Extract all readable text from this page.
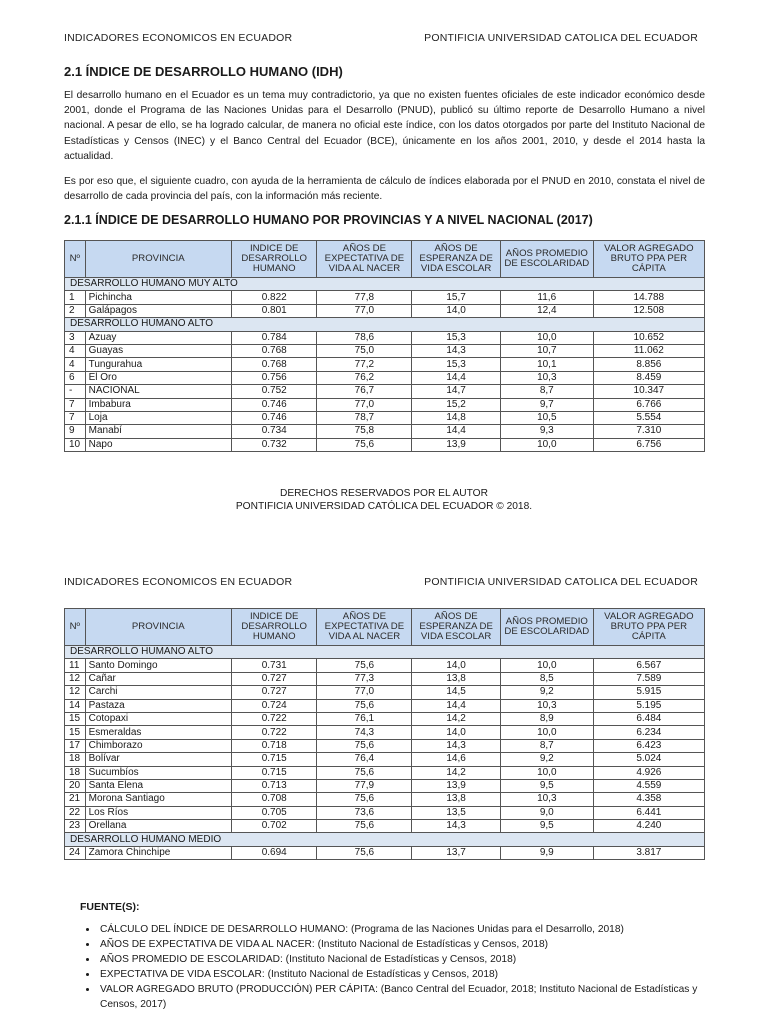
INDICADORES ECONOMICOS EN ECUADOR	PONTIFICIA UNIVERSIDAD CATOLICA DEL ECUADOR
2.1 ÍNDICE DE DESARROLLO HUMANO (IDH)

El desarrollo humano en el Ecuador es un tema muy contradictorio, ya que no existen fuentes oficiales de este indicador económico desde 2001, donde el Programa de las Naciones Unidas para el Desarrollo (PNUD), publicó su último reporte de Desarrollo Humano a nivel nacional. A pesar de ello, se ha logrado calcular, de manera no oficial este índice, con los datos otorgados por parte del Instituto Nacional de Estadísticas y Censos (INEC) y el Banco Central del Ecuador (BCE), únicamente en los años 2001, 2010, y desde el 2014 hasta la actualidad.

Es por eso que, el siguiente cuadro, con ayuda de la herramienta de cálculo de índices elaborada por el PNUD en 2010, constata el nivel de desarrollo de cada provincia del país, con la información más reciente.

2.1.1 ÍNDICE DE DESARROLLO HUMANO POR PROVINCIAS Y A NIVEL NACIONAL (2017)
Nº	PROVINCIA	INDICE DE DESARROLLO HUMANO	AÑOS DE EXPECTATIVA DE VIDA AL NACER	AÑOS DE ESPERANZA DE VIDA ESCOLAR	AÑOS PROMEDIO DE ESCOLARIDAD	VALOR AGREGADO BRUTO PPA PER CÁPITA
DESARROLLO HUMANO MUY ALTO						
1	Pichincha	0.822	77,8	15,7	11,6	14.788
2	Galápagos	0.801	77,0	14,0	12,4	12.508
DESARROLLO HUMANO ALTO						
3	Azuay	0.784	78,6	15,3	10,0	10.652
4	Guayas	0.768	75,0	14,3	10,7	11.062
4	Tungurahua	0.768	77,2	15,3	10,1	8.856
6	El Oro	0.756	76,2	14,4	10,3	8.459
-	NACIONAL	0.752	76,7	14,7	8,7	10.347
7	Imbabura	0.746	77,0	15,2	9,7	6.766
7	Loja	0.746	78,7	14,8	10,5	5.554
9	Manabí	0.734	75,8	14,4	9,3	7.310
10	Napo	0.732	75,6	13,9	10,0	6.756
DERECHOS RESERVADOS POR EL AUTOR
PONTIFICIA UNIVERSIDAD CATÓLICA DEL ECUADOR © 2018.
INDICADORES ECONOMICOS EN ECUADOR	PONTIFICIA UNIVERSIDAD CATOLICA DEL ECUADOR
Nº	PROVINCIA	INDICE DE DESARROLLO HUMANO	AÑOS DE EXPECTATIVA DE VIDA AL NACER	AÑOS DE ESPERANZA DE VIDA ESCOLAR	AÑOS PROMEDIO DE ESCOLARIDAD	VALOR AGREGADO BRUTO PPA PER CÁPITA
DESARROLLO HUMANO ALTO						
11	Santo Domingo	0.731	75,6	14,0	10,0	6.567
12	Cañar	0.727	77,3	13,8	8,5	7.589
12	Carchi	0.727	77,0	14,5	9,2	5.915
14	Pastaza	0.724	75,6	14,4	10,3	5.195
15	Cotopaxi	0.722	76,1	14,2	8,9	6.484
15	Esmeraldas	0.722	74,3	14,0	10,0	6.234
17	Chimborazo	0.718	75,6	14,3	8,7	6.423
18	Bolívar	0.715	76,4	14,6	9,2	5.024
18	Sucumbíos	0.715	75,6	14,2	10,0	4.926
20	Santa Elena	0.713	77,9	13,9	9,5	4.559
21	Morona Santiago	0.708	75,6	13,8	10,3	4.358
22	Los Ríos	0.705	73,6	13,5	9,0	6.441
23	Orellana	0.702	75,6	14,3	9,5	4.240
DESARROLLO HUMANO MEDIO						
24	Zamora Chinchipe	0.694	75,6	13,7	9,9	3.817
FUENTE(S):
• CÁLCULO DEL ÍNDICE DE DESARROLLO HUMANO: (Programa de las Naciones Unidas para el Desarrollo, 2018)
• AÑOS DE EXPECTATIVA DE VIDA AL NACER: (Instituto Nacional de Estadísticas y Censos, 2018)
• AÑOS PROMEDIO DE ESCOLARIDAD: (Instituto Nacional de Estadísticas y Censos, 2018)
• EXPECTATIVA DE VIDA ESCOLAR: (Instituto Nacional de Estadísticas y Censos, 2018)
• VALOR AGREGADO BRUTO (PRODUCCIÓN) PER CÁPITA: (Banco Central del Ecuador, 2018; Instituto Nacional de Estadísticas y Censos, 2017)
